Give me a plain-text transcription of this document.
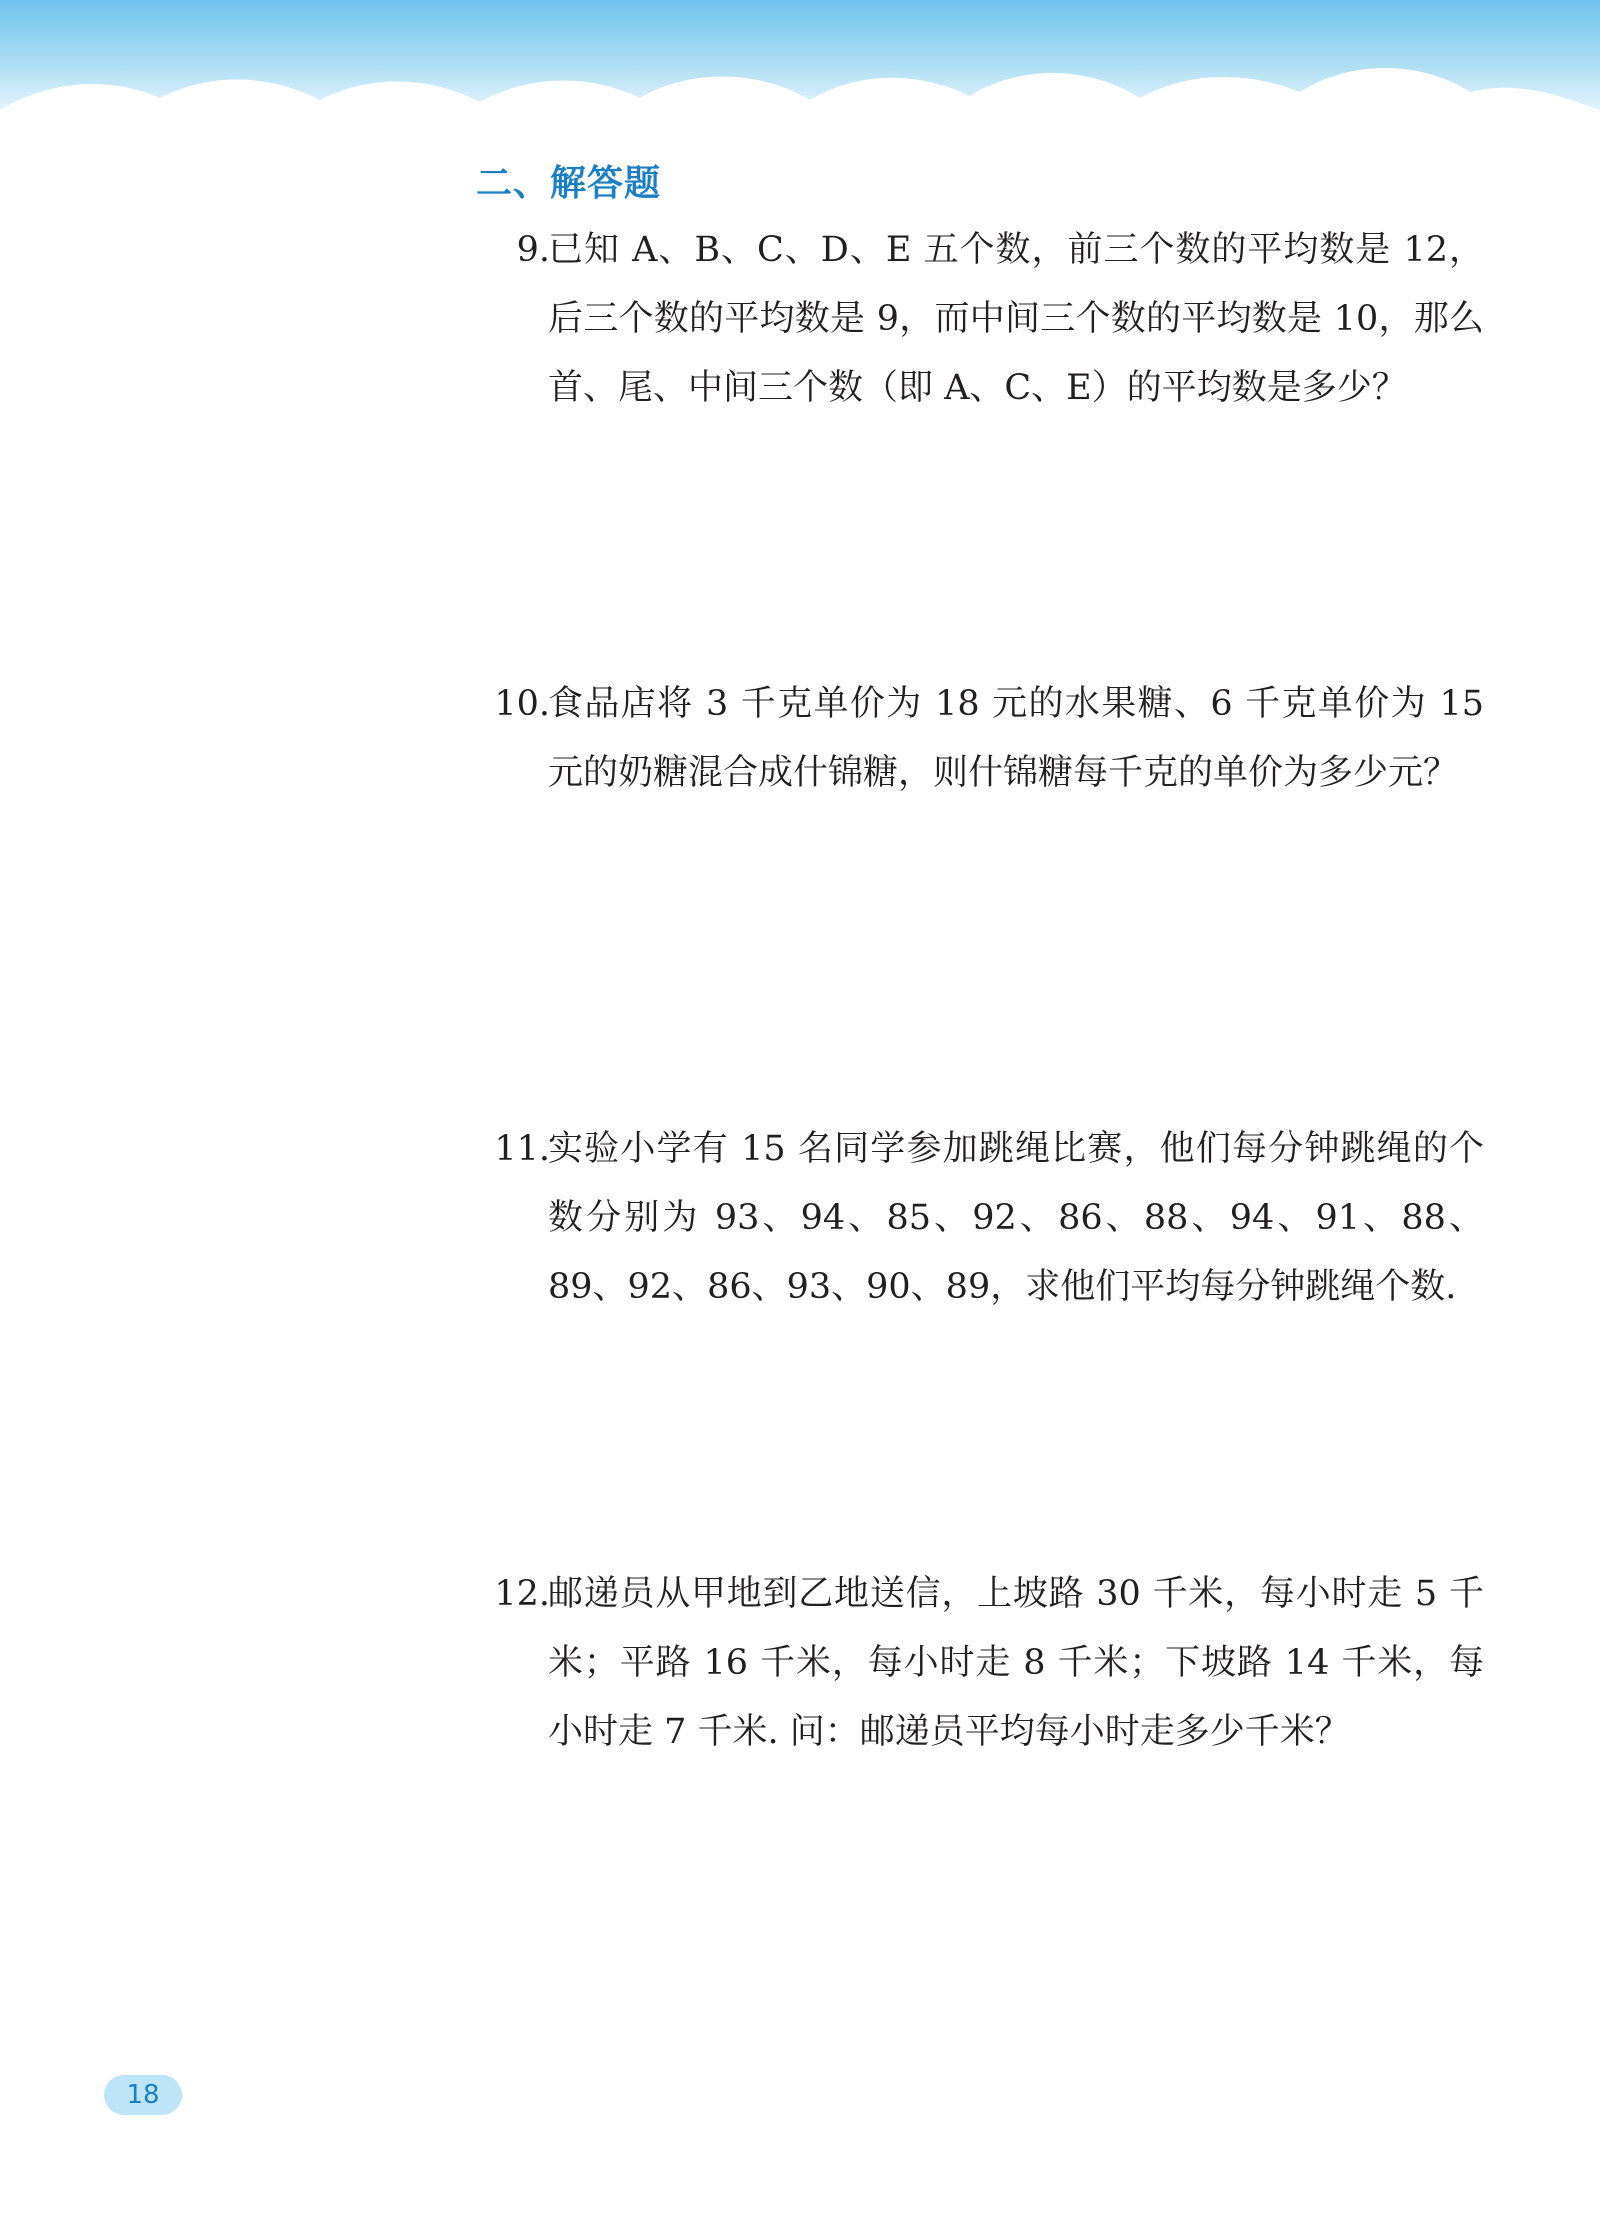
二、解答题
9.
已知 A、B、C、D、E 五个数，前三个数的平均数是 12，后三个数的平均数是 9，而中间三个数的平均数是 10，那么首、尾、中间三个数（即 A、C、E）的平均数是多少？
10.
食品店将 3 千克单价为 18 元的水果糖、6 千克单价为 15 元的奶糖混合成什锦糖，则什锦糖每千克的单价为多少元？
11.
实验小学有 15 名同学参加跳绳比赛，他们每分钟跳绳的个数分别为 93、94、85、92、86、88、94、91、88、89、92、86、93、90、89，求他们平均每分钟跳绳个数.
12.
邮递员从甲地到乙地送信，上坡路 30 千米，每小时走 5 千米；平路 16 千米，每小时走 8 千米；下坡路 14 千米，每小时走 7 千米. 问：邮递员平均每小时走多少千米？
18
